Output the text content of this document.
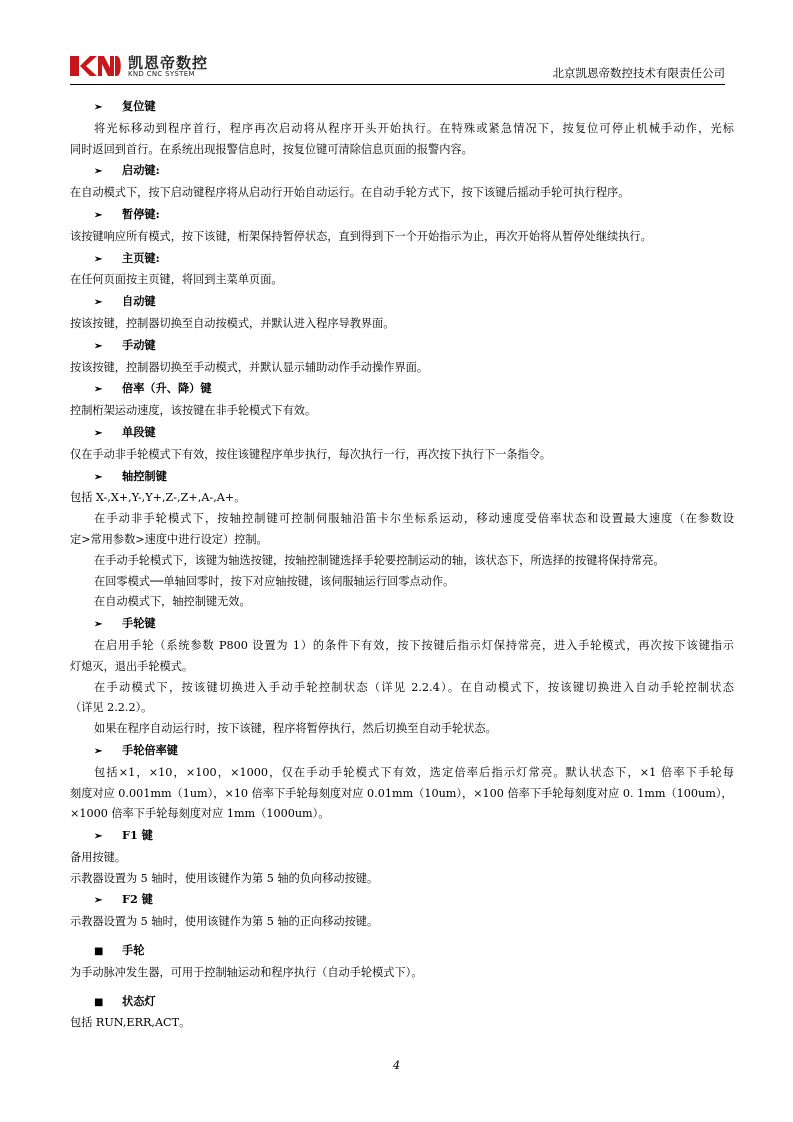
凯恩帝数控
KND CNC SYSTEM	北京凯恩帝数控技术有限责任公司
➢ 复位键
将光标移动到程序首行，程序再次启动将从程序开头开始执行。在特殊或紧急情况下，按复位可停止机械手动作，光标
同时返回到首行。在系统出现报警信息时，按复位键可清除信息页面的报警内容。
➢ 启动键:
在自动模式下，按下启动键程序将从启动行开始自动运行。在自动手轮方式下，按下该键后摇动手轮可执行程序。
➢ 暂停键:
该按键响应所有模式，按下该键，桁架保持暂停状态，直到得到下一个开始指示为止，再次开始将从暂停处继续执行。
➢ 主页键:
在任何页面按主页键，将回到主菜单页面。
➢ 自动键
按该按键，控制器切换至自动按模式，并默认进入程序导教界面。
➢ 手动键
按该按键，控制器切换至手动模式，并默认显示辅助动作手动操作界面。
➢ 倍率（升、降）键
控制桁架运动速度，该按键在非手轮模式下有效。
➢ 单段键
仅在手动非手轮模式下有效，按住该键程序单步执行，每次执行一行，再次按下执行下一条指令。
➢ 轴控制键
包括 X-,X+,Y-,Y+,Z-,Z+,A-,A+。
在手动非手轮模式下，按轴控制键可控制伺服轴沿笛卡尔坐标系运动，移动速度受倍率状态和设置最大速度（在参数设
定>常用参数>速度中进行设定）控制。
在手动手轮模式下，该键为轴选按键，按轴控制键选择手轮要控制运动的轴，该状态下，所选择的按键将保持常亮。
在回零模式──单轴回零时，按下对应轴按键，该伺服轴运行回零点动作。
在自动模式下，轴控制键无效。
➢ 手轮键
在启用手轮（系统参数 P800 设置为 1）的条件下有效，按下按键后指示灯保持常亮，进入手轮模式，再次按下该键指示
灯熄灭，退出手轮模式。
在手动模式下，按该键切换进入手动手轮控制状态（详见 2.2.4）。在自动模式下，按该键切换进入自动手轮控制状态
（详见 2.2.2）。
如果在程序自动运行时，按下该键，程序将暂停执行，然后切换至自动手轮状态。
➢ 手轮倍率键
包括×1，×10，×100，×1000，仅在手动手轮模式下有效，选定倍率后指示灯常亮。默认状态下，×1 倍率下手轮每
刻度对应 0.001mm（1um），×10 倍率下手轮每刻度对应 0.01mm（10um），×100 倍率下手轮每刻度对应 0. 1mm（100um），
×1000 倍率下手轮每刻度对应 1mm（1000um）。
➢ F1 键
备用按键。
示教器设置为 5 轴时，使用该键作为第 5 轴的负向移动按键。
➢ F2 键
示教器设置为 5 轴时，使用该键作为第 5 轴的正向移动按键。
■ 手轮
为手动脉冲发生器，可用于控制轴运动和程序执行（自动手轮模式下）。
■ 状态灯
包括 RUN,ERR,ACT。
4
